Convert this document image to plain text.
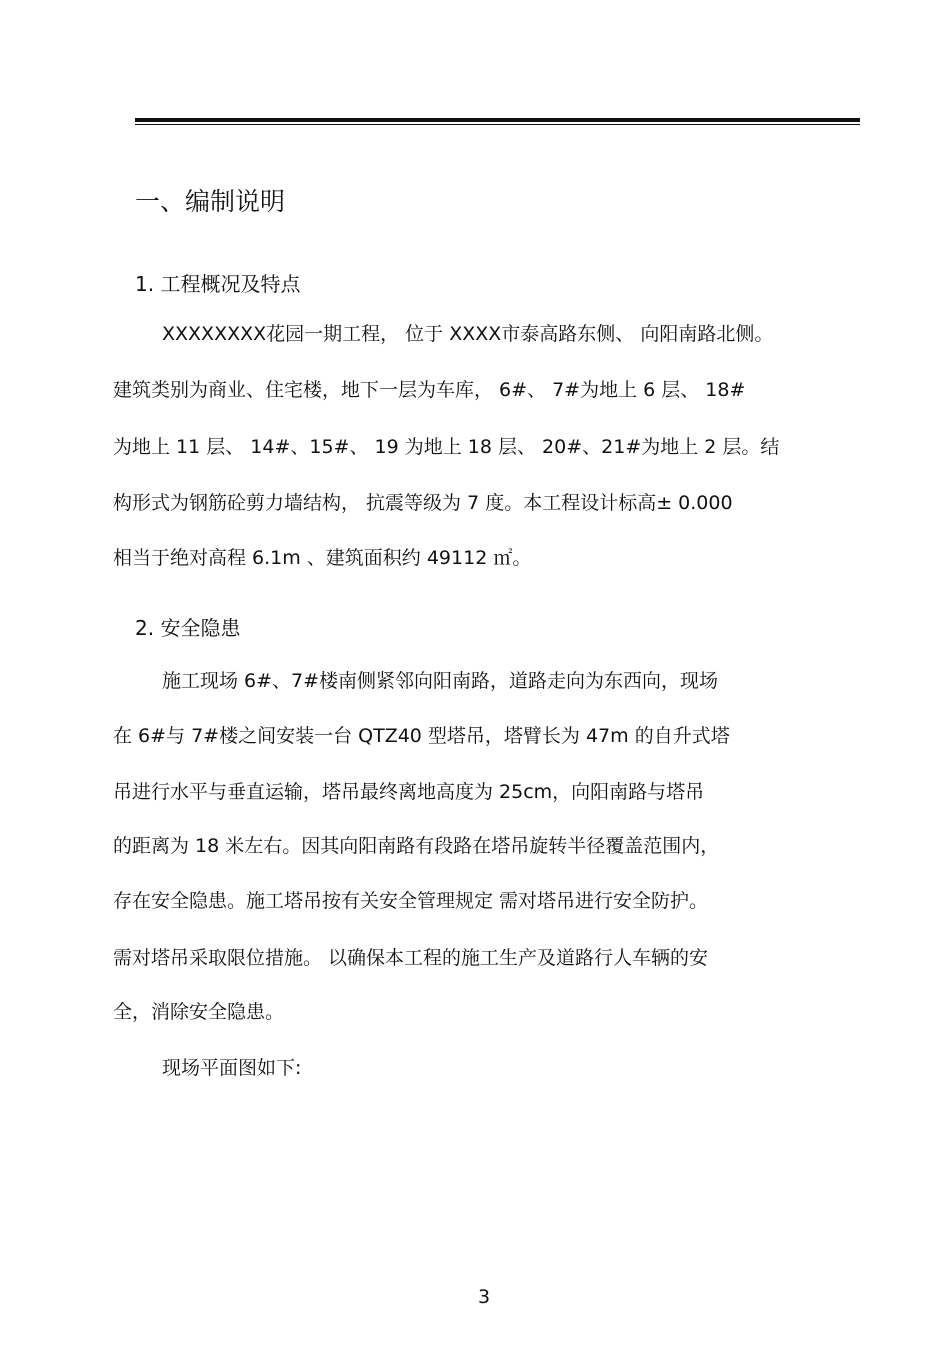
一、编制说明
1. 工程概况及特点

XXXXXXXX花园一期工程， 位于 XXXX市泰高路东侧、 向阳南路北侧。

建筑类别为商业、住宅楼，地下一层为车库， 6#、 7#为地上 6 层、 18#

为地上 11 层、 14#、15#、 19 为地上 18 层、 20#、21#为地上 2 层。结

构形式为钢筋砼剪力墙结构， 抗震等级为 7 度。本工程设计标高± 0.000

相当于绝对高程 6.1m 、建筑面积约 49112 ㎡。

2. 安全隐患

施工现场 6#、7#楼南侧紧邻向阳南路，道路走向为东西向，现场

在 6#与 7#楼之间安装一台 QTZ40 型塔吊，塔臂长为 47m 的自升式塔

吊进行水平与垂直运输，塔吊最终离地高度为 25cm，向阳南路与塔吊

的距离为 18 米左右。因其向阳南路有段路在塔吊旋转半径覆盖范围内，

存在安全隐患。施工塔吊按有关安全管理规定 需对塔吊进行安全防护。

需对塔吊采取限位措施。 以确保本工程的施工生产及道路行人车辆的安

全，消除安全隐患。

现场平面图如下:

3
